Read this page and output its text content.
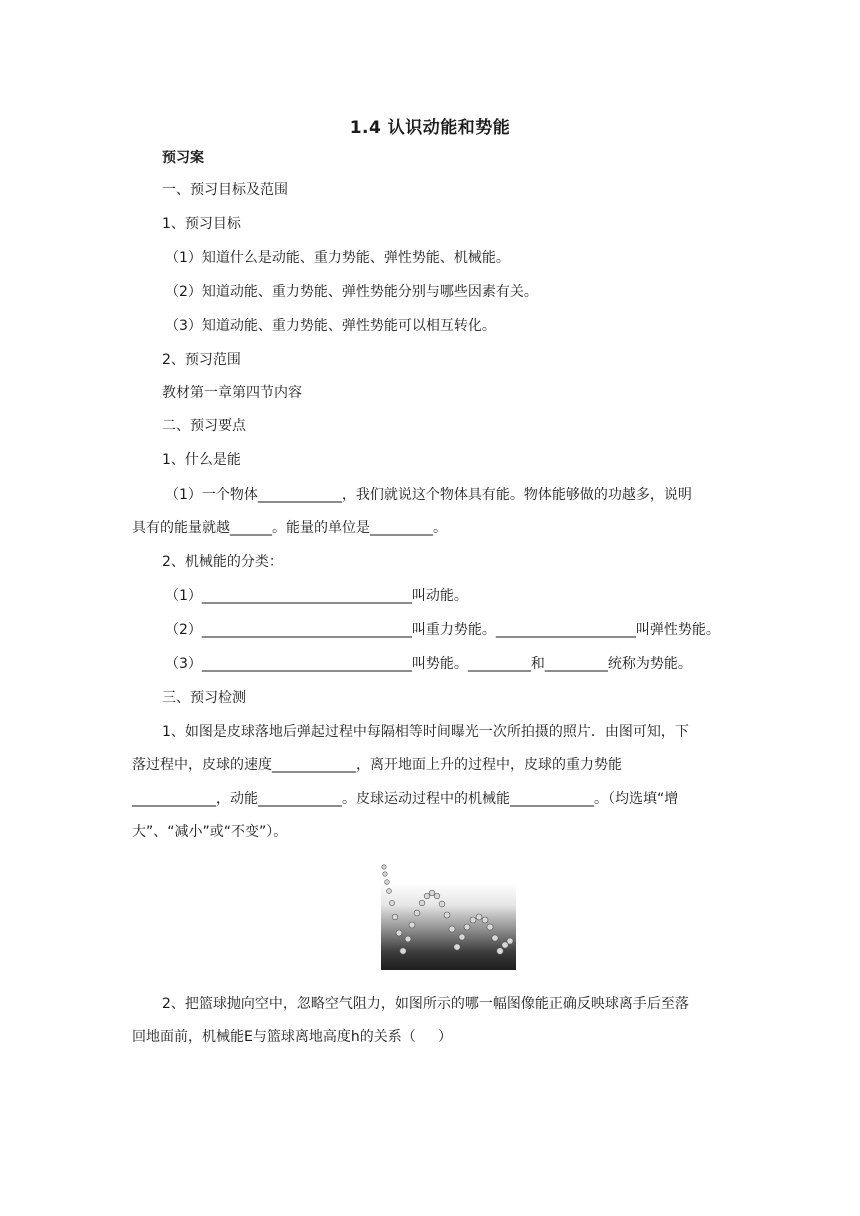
1.4 认识动能和势能
预习案
一、预习目标及范围
1、预习目标
（1）知道什么是动能、重力势能、弹性势能、机械能。
（2）知道动能、重力势能、弹性势能分别与哪些因素有关。
（3）知道动能、重力势能、弹性势能可以相互转化。
2、预习范围
教材第一章第四节内容
二、预习要点
1、什么是能
（1）一个物体____________，我们就说这个物体具有能。物体能够做的功越多，说明
具有的能量就越______。能量的单位是_________。
2、机械能的分类：
（1）______________________________叫动能。
（2）______________________________叫重力势能。____________________叫弹性势能。
（3）______________________________叫势能。_________和_________统称为势能。
三、预习检测
1、如图是皮球落地后弹起过程中每隔相等时间曝光一次所拍摄的照片．由图可知，下
落过程中，皮球的速度____________，离开地面上升的过程中，皮球的重力势能
____________，动能____________。皮球运动过程中的机械能____________。（均选填“增
大”、“减小”或“不变”）。
2、把篮球抛向空中，忽略空气阻力，如图所示的哪一幅图像能正确反映球离手后至落
回地面前，机械能E与篮球离地高度h的关系（     ）
